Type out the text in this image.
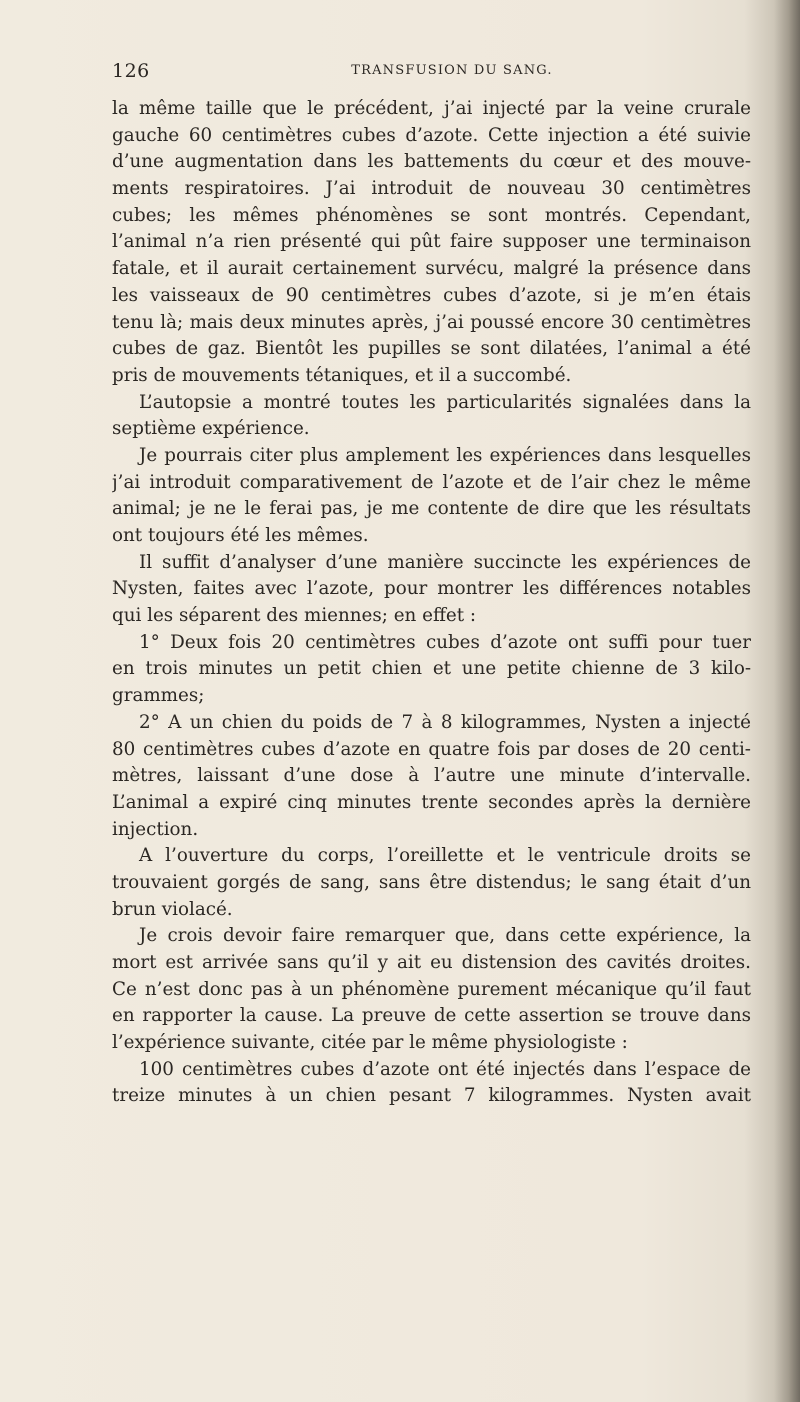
126	TRANSFUSION DU SANG.
la même taille que le précédent, j’ai injecté par la veine crurale
gauche 60 centimètres cubes d’azote. Cette injection a été suivie
d’une augmentation dans les battements du cœur et des mouve-
ments respiratoires. J’ai introduit de nouveau 30 centimètres
cubes; les mêmes phénomènes se sont montrés. Cependant,
l’animal n’a rien présenté qui pût faire supposer une terminaison
fatale, et il aurait certainement survécu, malgré la présence dans
les vaisseaux de 90 centimètres cubes d’azote, si je m’en étais
tenu là; mais deux minutes après, j’ai poussé encore 30 centimètres
cubes de gaz. Bientôt les pupilles se sont dilatées, l’animal a été
pris de mouvements tétaniques, et il a succombé.
L’autopsie a montré toutes les particularités signalées dans la
septième expérience.
Je pourrais citer plus amplement les expériences dans lesquelles
j’ai introduit comparativement de l’azote et de l’air chez le même
animal; je ne le ferai pas, je me contente de dire que les résultats
ont toujours été les mêmes.
Il suffit d’analyser d’une manière succincte les expériences de
Nysten, faites avec l’azote, pour montrer les différences notables
qui les séparent des miennes; en effet :
1° Deux fois 20 centimètres cubes d’azote ont suffi pour tuer
en trois minutes un petit chien et une petite chienne de 3 kilo-
grammes;
2° A un chien du poids de 7 à 8 kilogrammes, Nysten a injecté
80 centimètres cubes d’azote en quatre fois par doses de 20 centi-
mètres, laissant d’une dose à l’autre une minute d’intervalle.
L’animal a expiré cinq minutes trente secondes après la dernière
injection.
A l’ouverture du corps, l’oreillette et le ventricule droits se
trouvaient gorgés de sang, sans être distendus; le sang était d’un
brun violacé.
Je crois devoir faire remarquer que, dans cette expérience, la
mort est arrivée sans qu’il y ait eu distension des cavités droites.
Ce n’est donc pas à un phénomène purement mécanique qu’il faut
en rapporter la cause. La preuve de cette assertion se trouve dans
l’expérience suivante, citée par le même physiologiste :
100 centimètres cubes d’azote ont été injectés dans l’espace de
treize minutes à un chien pesant 7 kilogrammes. Nysten avait
